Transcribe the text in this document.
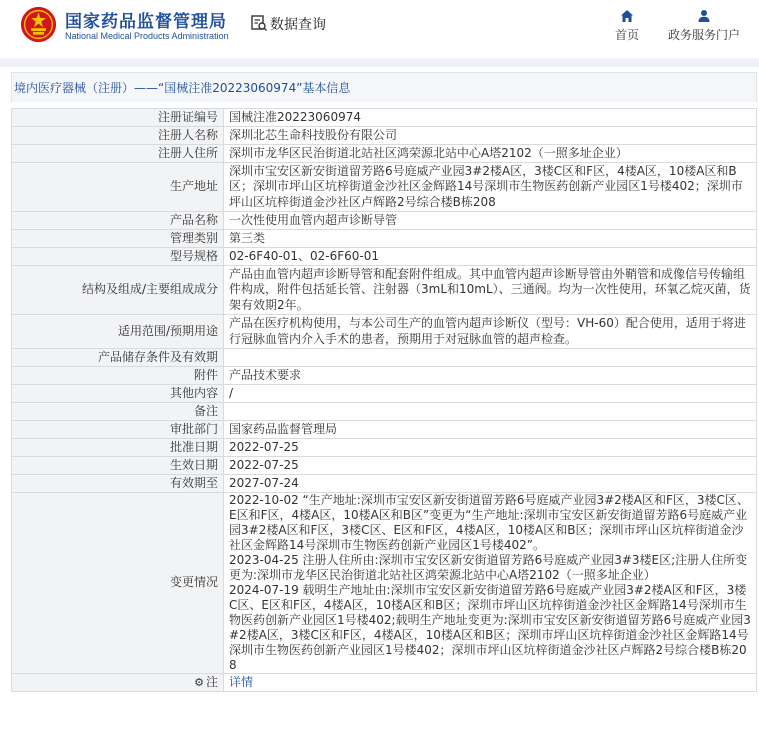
国家药品监督管理局
National Medical Products Administration
数据查询
首页	政务服务门户
境内医疗器械（注册）——“国械注准20223060974”基本信息
注册证编号	国械注准20223060974
注册人名称	深圳北芯生命科技股份有限公司
注册人住所	深圳市龙华区民治街道北站社区鸿荣源北站中心A塔2102（一照多址企业）
生产地址	深圳市宝安区新安街道留芳路6号庭威产业园3#2楼A区，3楼C区和F区，4楼A区，10楼A区和B区；深圳市坪山区坑梓街道金沙社区金辉路14号深圳市生物医药创新产业园区1号楼402；深圳市坪山区坑梓街道金沙社区卢辉路2号综合楼B栋208
产品名称	一次性使用血管内超声诊断导管
管理类别	第三类
型号规格	02-6F40-01、02-6F60-01
结构及组成/主要组成成分	产品由血管内超声诊断导管和配套附件组成。其中血管内超声诊断导管由外鞘管和成像信号传输组件构成，附件包括延长管、注射器（3mL和10mL）、三通阀。均为一次性使用，环氧乙烷灭菌，货架有效期2年。
适用范围/预期用途	产品在医疗机构使用，与本公司生产的血管内超声诊断仪（型号：VH-60）配合使用，适用于将进行冠脉血管内介入手术的患者，预期用于对冠脉血管的超声检查。
产品储存条件及有效期	
附件	产品技术要求
其他内容	/
备注	
审批部门	国家药品监督管理局
批准日期	2022-07-25
生效日期	2022-07-25
有效期至	2027-07-24
变更情况	2022-10-02 “生产地址:深圳市宝安区新安街道留芳路6号庭威产业园3#2楼A区和F区，3楼C区、E区和F区，4楼A区，10楼A区和B区”变更为“生产地址:深圳市宝安区新安街道留芳路6号庭威产业园3#2楼A区和F区，3楼C区、E区和F区，4楼A区，10楼A区和B区；深圳市坪山区坑梓街道金沙社区金辉路14号深圳市生物医药创新产业园区1号楼402”。
2023-04-25 注册人住所由:深圳市宝安区新安街道留芳路6号庭威产业园3#3楼E区;注册人住所变更为:深圳市龙华区民治街道北站社区鸿荣源北站中心A塔2102（一照多址企业）
2024-07-19 载明生产地址由:深圳市宝安区新安街道留芳路6号庭威产业园3#2楼A区和F区，3楼C区、E区和F区，4楼A区，10楼A区和B区；深圳市坪山区坑梓街道金沙社区金辉路14号深圳市生物医药创新产业园区1号楼402;载明生产地址变更为:深圳市宝安区新安街道留芳路6号庭威产业园3#2楼A区，3楼C区和F区，4楼A区，10楼A区和B区；深圳市坪山区坑梓街道金沙社区金辉路14号深圳市生物医药创新产业园区1号楼402；深圳市坪山区坑梓街道金沙社区卢辉路2号综合楼B栋208
⚙ 注	详情
